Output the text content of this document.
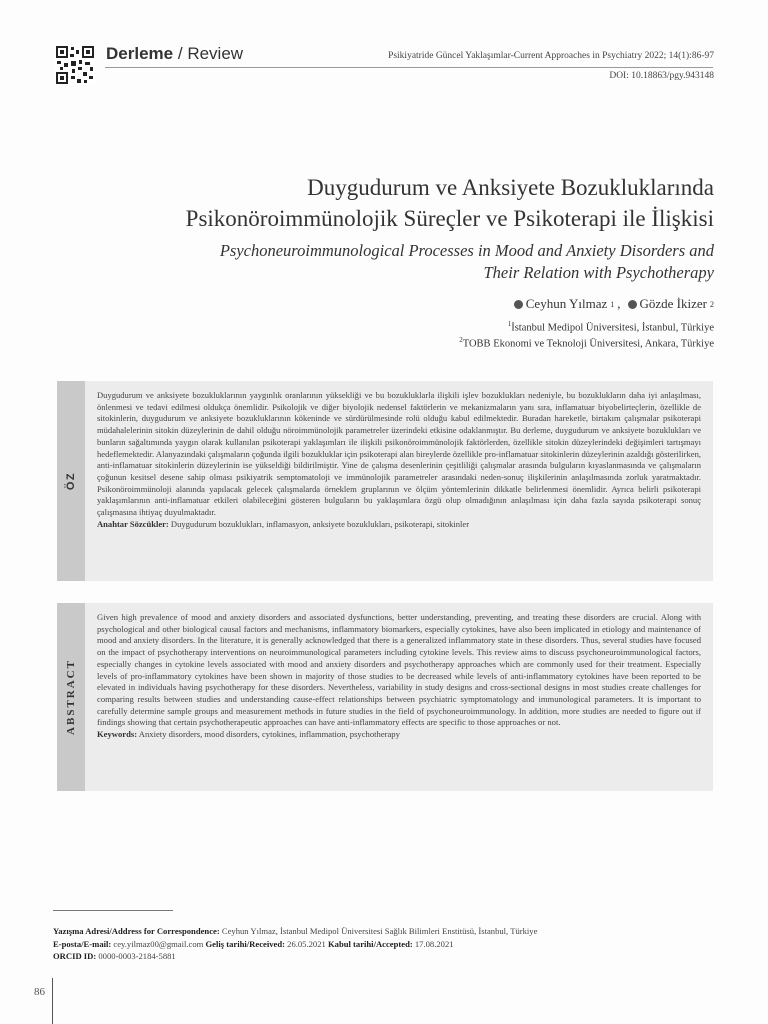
Derleme / Review	Psikiyatride Güncel Yaklaşımlar-Current Approaches in Psychiatry 2022; 14(1):86-97
DOI: 10.18863/pgy.943148
Duygudurum ve Anksiyete Bozukluklarında
Psikonöroimmünolojik Süreçler ve Psikoterapi ile İlişkisi
Psychoneuroimmunological Processes in Mood and Anxiety Disorders and
Their Relation with Psychotherapy
Ceyhun Yılmaz 1 , Gözde İkizer 2
$^1$İstanbul Medipol Üniversitesi, İstanbul, Türkiye
$^2$TOBB Ekonomi ve Teknoloji Üniversitesi, Ankara, Türkiye
ÖZ
Duygudurum ve anksiyete bozukluklarının yaygınlık oranlarının yüksekliği ve bu bozukluklarla ilişkili işlev bozuklukları nedeniyle, bu bozuklukların daha iyi anlaşılması, önlenmesi ve tedavi edilmesi oldukça önemlidir. Psikolojik ve diğer biyolojik nedensel faktörlerin ve mekanizmaların yanı sıra, inflamatuar biyobelirteçlerin, özellikle de sitokinlerin, duygudurum ve anksiyete bozukluklarının kökeninde ve sürdürülmesinde rolü olduğu kabul edilmektedir. Buradan hareketle, birtakım çalışmalar psikoterapi müdahalelerinin sitokin düzeylerinin de dahil olduğu nöroimmünolojik parametreler üzerindeki etkisine odaklanmıştır. Bu derleme, duygudurum ve anksiyete bozuklukları ve bunların sağaltımında yaygın olarak kullanılan psikoterapi yaklaşımları ile ilişkili psikonöroimmünolojik faktörlerden, özellikle sitokin düzeylerindeki değişimleri tartışmayı hedeflemektedir. Alanyazındaki çalışmaların çoğunda ilgili bozukluklar için psikoterapi alan bireylerde özellikle pro-inflamatuar sitokinlerin düzeylerinin azaldığı gösterilirken, anti-inflamatuar sitokinlerin düzeylerinin ise yükseldiği bildirilmiştir. Yine de çalışma desenlerinin çeşitliliği çalışmalar arasında bulguların kıyaslanmasında ve çalışmaların çoğunun kesitsel desene sahip olması psikiyatrik semptomatoloji ve immünolojik parametreler arasındaki neden-sonuç ilişkilerinin anlaşılmasında zorluk yaratmaktadır. Psikonöroimmünoloji alanında yapılacak gelecek çalışmalarda örneklem gruplarının ve ölçüm yöntemlerinin dikkatle belirlenmesi önemlidir. Ayrıca belirli psikoterapi yaklaşımlarının anti-inflamatuar etkileri olabileceğini gösteren bulguların bu yaklaşımlara özgü olup olmadığının anlaşılması için daha fazla sayıda psikoterapi sonuç çalışmasına ihtiyaç duyulmaktadır.
Anahtar Sözcükler: Duygudurum bozuklukları, inflamasyon, anksiyete bozuklukları, psikoterapi, sitokinler
ABSTRACT
Given high prevalence of mood and anxiety disorders and associated dysfunctions, better understanding, preventing, and treating these disorders are crucial. Along with psychological and other biological causal factors and mechanisms, inflammatory biomarkers, especially cytokines, have also been implicated in etiology and maintenance of mood and anxiety disorders. In the literature, it is generally acknowledged that there is a generalized inflammatory state in these disorders. Thus, several studies have focused on the impact of psychotherapy interventions on neuroimmunological parameters including cytokine levels. This review aims to discuss psychoneuroimmunological factors, especially changes in cytokine levels associated with mood and anxiety disorders and psychotherapy approaches which are commonly used for their treatment. Especially levels of pro-inflammatory cytokines have been shown in majority of those studies to be decreased while levels of anti-inflammatory cytokines have been reported to be elevated in individuals having psychotherapy for these disorders. Nevertheless, variability in study designs and cross-sectional designs in most studies create challenges for comparing results between studies and understanding cause-effect relationships between psychiatric symptomatology and immunological parameters. It is important to carefully determine sample groups and measurement methods in future studies in the field of psychoneuroimmunology. In addition, more studies are needed to figure out if findings showing that certain psychotherapeutic approaches can have anti-inflammatory effects are specific to those approaches or not.
Keywords: Anxiety disorders, mood disorders, cytokines, inflammation, psychotherapy
Yazışma Adresi/Address for Correspondence: Ceyhun Yılmaz, İstanbul Medipol Üniversitesi Sağlık Bilimleri Enstitüsü, İstanbul, Türkiye
E-posta/E-mail: cey.yilmaz00@gmail.com Geliş tarihi/Received: 26.05.2021 Kabul tarihi/Accepted: 17.08.2021
ORCID ID: 0000-0003-2184-5881
86
